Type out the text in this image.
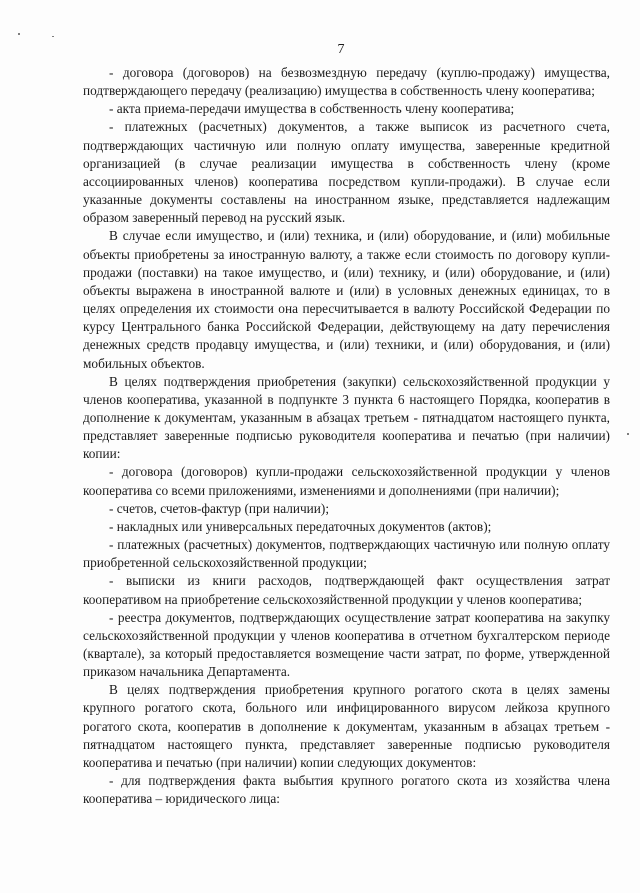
7

- договора (договоров) на безвозмездную передачу (куплю-продажу) имущества, подтверждающего передачу (реализацию) имущества в собственность члену кооператива;

- акта приема-передачи имущества в собственность члену кооператива;

- платежных (расчетных) документов, а также выписок из расчетного счета, подтверждающих частичную или полную оплату имущества, заверенные кредитной организацией (в случае реализации имущества в собственность члену (кроме ассоциированных членов) кооператива посредством купли-продажи). В случае если указанные документы составлены на иностранном языке, представляется надлежащим образом заверенный перевод на русский язык.

В случае если имущество, и (или) техника, и (или) оборудование, и (или) мобильные объекты приобретены за иностранную валюту, а также если стоимость по договору купли-продажи (поставки) на такое имущество, и (или) технику, и (или) оборудование, и (или) объекты выражена в иностранной валюте и (или) в условных денежных единицах, то в целях определения их стоимости она пересчитывается в валюту Российской Федерации по курсу Центрального банка Российской Федерации, действующему на дату перечисления денежных средств продавцу имущества, и (или) техники, и (или) оборудования, и (или) мобильных объектов.

В целях подтверждения приобретения (закупки) сельскохозяйственной продукции у членов кооператива, указанной в подпункте 3 пункта 6 настоящего Порядка, кооператив в дополнение к документам, указанным в абзацах третьем - пятнадцатом настоящего пункта, представляет заверенные подписью руководителя кооператива и печатью (при наличии) копии:

- договора (договоров) купли-продажи сельскохозяйственной продукции у членов кооператива со всеми приложениями, изменениями и дополнениями (при наличии);

- счетов, счетов-фактур (при наличии);

- накладных или универсальных передаточных документов (актов);

- платежных (расчетных) документов, подтверждающих частичную или полную оплату приобретенной сельскохозяйственной продукции;

- выписки из книги расходов, подтверждающей факт осуществления затрат кооперативом на приобретение сельскохозяйственной продукции у членов кооператива;

- реестра документов, подтверждающих осуществление затрат кооператива на закупку сельскохозяйственной продукции у членов кооператива в отчетном бухгалтерском периоде (квартале), за который предоставляется возмещение части затрат, по форме, утвержденной приказом начальника Департамента.

В целях подтверждения приобретения крупного рогатого скота в целях замены крупного рогатого скота, больного или инфицированного вирусом лейкоза крупного рогатого скота, кооператив в дополнение к документам, указанным в абзацах третьем - пятнадцатом настоящего пункта, представляет заверенные подписью руководителя кооператива и печатью (при наличии) копии следующих документов:

- для подтверждения факта выбытия крупного рогатого скота из хозяйства члена кооператива – юридического лица:
